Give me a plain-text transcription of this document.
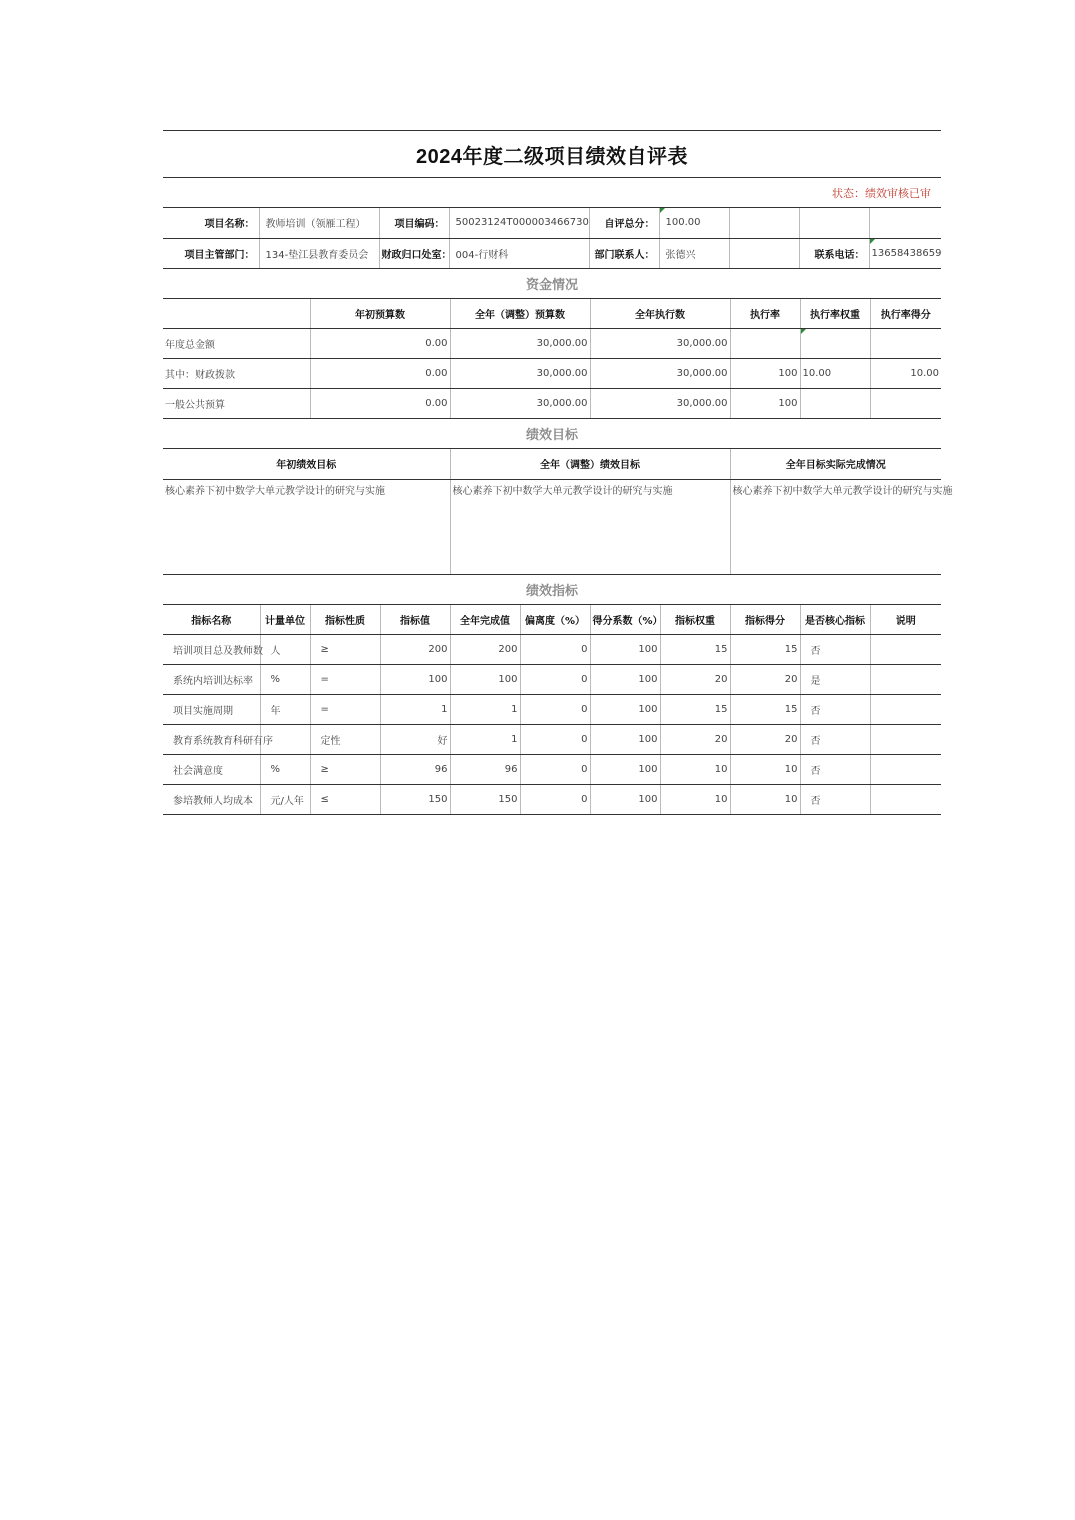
2024年度二级项目绩效自评表
状态：绩效审核已审
项目名称：	教师培训（领雁工程）	项目编码：	50023124T000003466730	自评总分：	100.00			
项目主管部门：	134-垫江县教育委员会	财政归口处室：	004-行财科	部门联系人：	张德兴		联系电话：	13658438659
资金情况
	年初预算数	全年（调整）预算数	全年执行数	执行率	执行率权重	执行率得分
年度总金额	0.00	30,000.00	30,000.00		

其中：财政拨款	0.00	30,000.00	30,000.00	100	10.00	10.00
一般公共预算	0.00	30,000.00	30,000.00	100		
绩效目标
年初绩效目标	全年（调整）绩效目标	全年目标实际完成情况
核心素养下初中数学大单元教学设计的研究与实施	核心素养下初中数学大单元教学设计的研究与实施	核心素养下初中数学大单元教学设计的研究与实施
绩效指标
指标名称	计量单位	指标性质	指标值	全年完成值	偏离度（%）	得分系数（%）	指标权重	指标得分	是否核心指标	说明
培训项目总及教师数	人	≥	200	200	0	100	15	15	否	
系统内培训达标率	%	=	100	100	0	100	20	20	是	
项目实施周期	年	=	1	1	0	100	15	15	否	
教育系统教育科研有序		定性	好	1	0	100	20	20	否	
社会满意度	%	≥	96	96	0	100	10	10	否	
参培教师人均成本	元/人年	≤	150	150	0	100	10	10	否	
